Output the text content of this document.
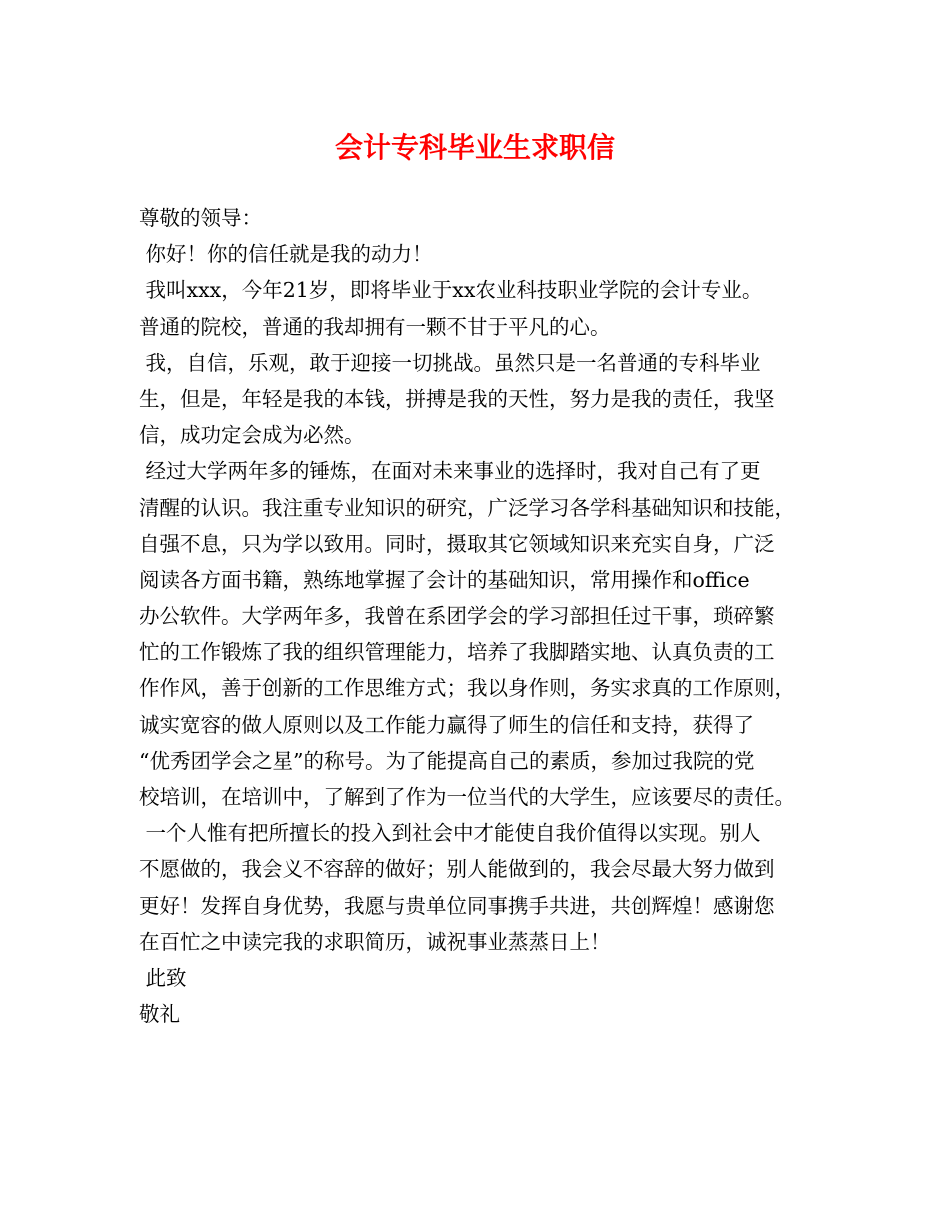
会计专科毕业生求职信
尊敬的领导：
你好！你的信任就是我的动力！
我叫xxx，今年21岁，即将毕业于xx农业科技职业学院的会计专业。
普通的院校，普通的我却拥有一颗不甘于平凡的心。
我，自信，乐观，敢于迎接一切挑战。虽然只是一名普通的专科毕业
生，但是，年轻是我的本钱，拼搏是我的天性，努力是我的责任，我坚
信，成功定会成为必然。
经过大学两年多的锤炼，在面对未来事业的选择时，我对自己有了更
清醒的认识。我注重专业知识的研究，广泛学习各学科基础知识和技能，
自强不息，只为学以致用。同时，摄取其它领域知识来充实自身，广泛
阅读各方面书籍，熟练地掌握了会计的基础知识，常用操作和office
办公软件。大学两年多，我曾在系团学会的学习部担任过干事，琐碎繁
忙的工作锻炼了我的组织管理能力，培养了我脚踏实地、认真负责的工
作作风，善于创新的工作思维方式；我以身作则，务实求真的工作原则，
诚实宽容的做人原则以及工作能力赢得了师生的信任和支持，获得了
“优秀团学会之星”的称号。为了能提高自己的素质，参加过我院的党
校培训，在培训中，了解到了作为一位当代的大学生，应该要尽的责任。
一个人惟有把所擅长的投入到社会中才能使自我价值得以实现。别人
不愿做的，我会义不容辞的做好；别人能做到的，我会尽最大努力做到
更好！发挥自身优势，我愿与贵单位同事携手共进，共创辉煌！感谢您
在百忙之中读完我的求职简历，诚祝事业蒸蒸日上！
此致
敬礼
